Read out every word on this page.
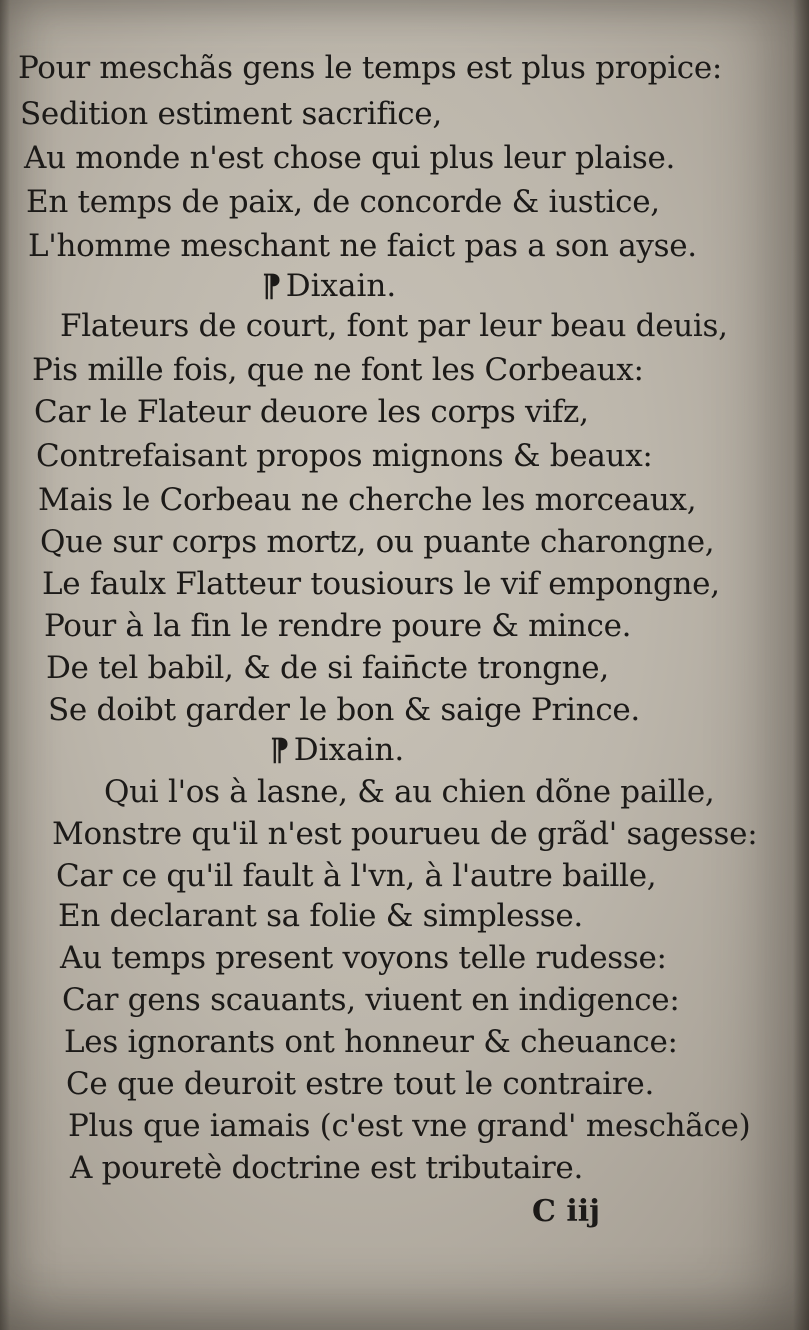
Pour meschãs gens le temps est plus propice:
Sedition estiment sacrifice,
Au monde n'est chose qui plus leur plaise.
En temps de paix, de concorde & iustice,
L'homme meschant ne faict pas a son ayse.
¶ Dixain.
Flateurs de court, font par leur beau deuis,
Pis mille fois, que ne font les Corbeaux:
Car le Flateur deuore les corps vifz,
Contrefaisant propos mignons & beaux:
Mais le Corbeau ne cherche les morceaux,
Que sur corps mortz, ou puante charongne,
Le faulx Flatteur tousiours le vif empongne,
Pour à la fin le rendre poure & mince.
De tel babil, & de si fain̄cte trongne,
Se doibt garder le bon & saige Prince.
¶ Dixain.
Qui l'os à lasne, & au chien dõne paille,
Monstre qu'il n'est pourueu de grãd' sagesse:
Car ce qu'il fault à l'vn, à l'autre baille,
En declarant sa folie & simplesse.
Au temps present voyons telle rudesse:
Car gens scauants, viuent en indigence:
Les ignorants ont honneur & cheuance:
Ce que deuroit estre tout le contraire.
Plus que iamais (c'est vne grand' meschãce)
A pouretè doctrine est tributaire.
C iij
